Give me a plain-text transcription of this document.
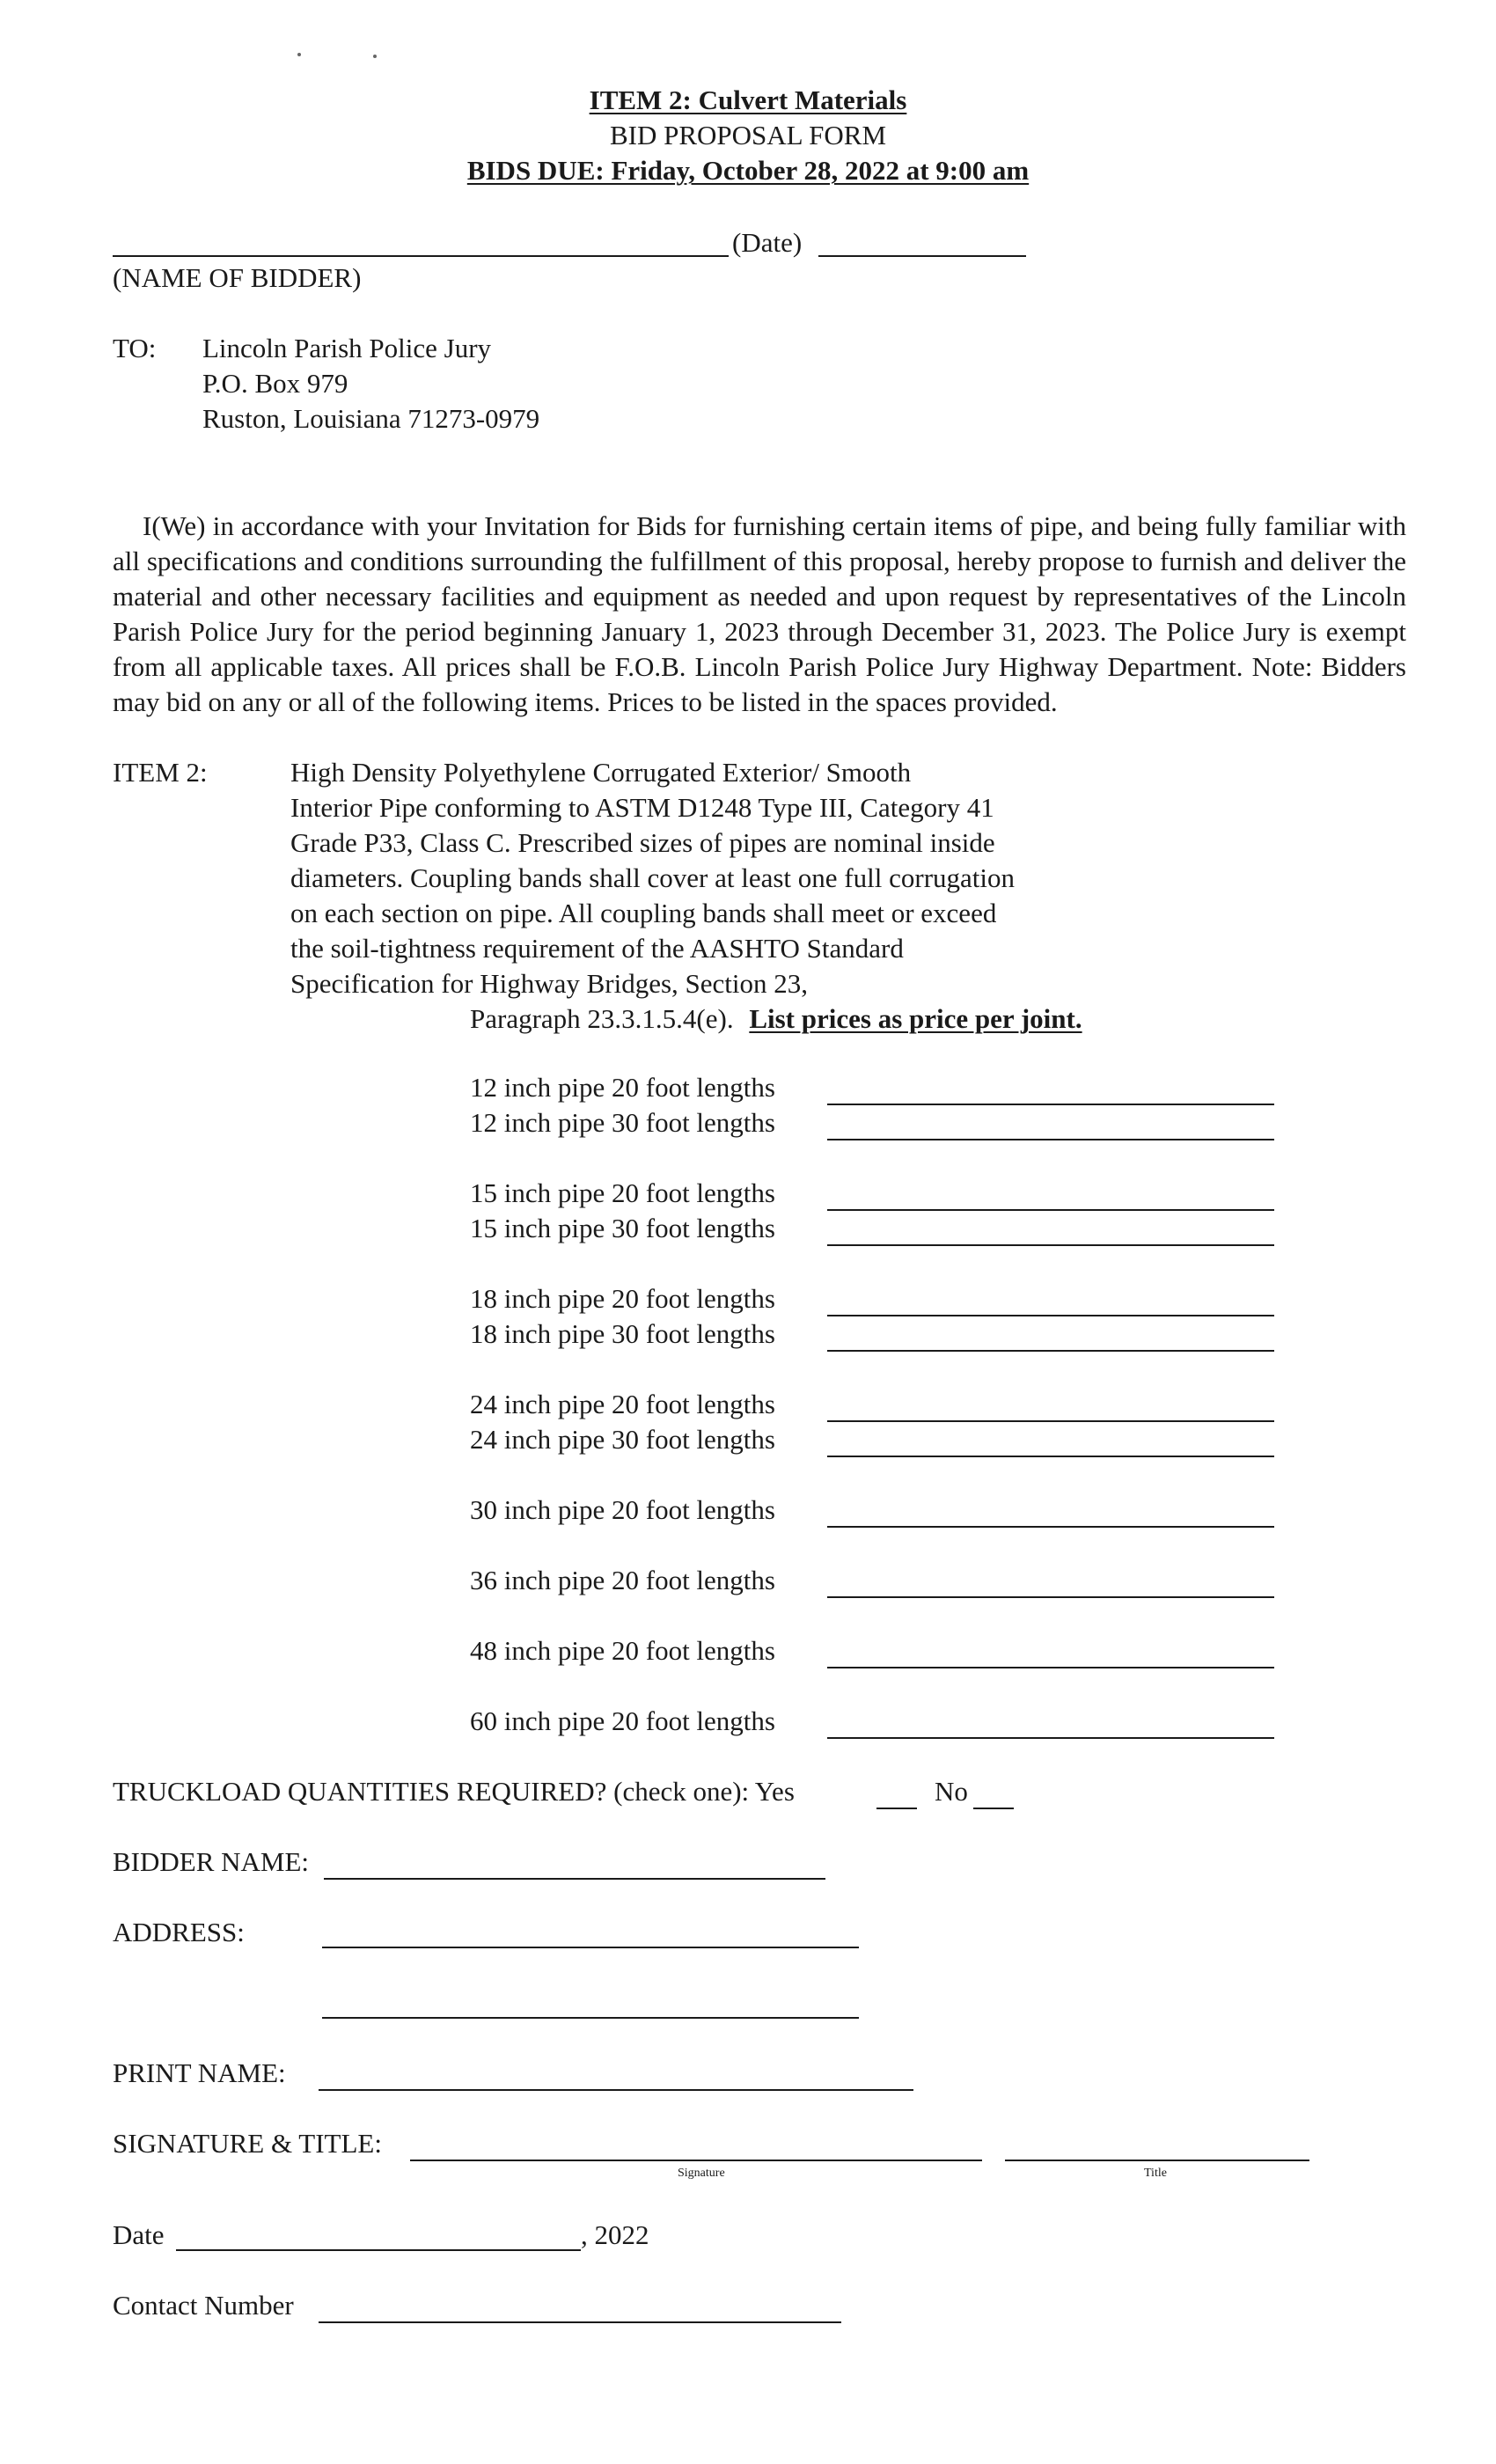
ITEM 2: Culvert Materials
BID PROPOSAL FORM
BIDS DUE: Friday, October 28, 2022 at 9:00 am
(Date)
(NAME OF BIDDER)
TO: Lincoln Parish Police Jury
P.O. Box 979
Ruston, Louisiana 71273-0979
I(We) in accordance with your Invitation for Bids for furnishing certain items of pipe, and being fully familiar with all specifications and conditions surrounding the fulfillment of this proposal, hereby propose to furnish and deliver the material and other necessary facilities and equipment as needed and upon request by representatives of the Lincoln Parish Police Jury for the period beginning January 1, 2023 through December 31, 2023. The Police Jury is exempt from all applicable taxes. All prices shall be F.O.B. Lincoln Parish Police Jury Highway Department. Note: Bidders may bid on any or all of the following items. Prices to be listed in the spaces provided.
ITEM 2:	High Density Polyethylene Corrugated Exterior/ Smooth
Interior Pipe conforming to ASTM D1248 Type III, Category 41
Grade P33, Class C. Prescribed sizes of pipes are nominal inside
diameters. Coupling bands shall cover at least one full corrugation
on each section on pipe. All coupling bands shall meet or exceed
the soil-tightness requirement of the AASHTO Standard
Specification for Highway Bridges, Section 23,
Paragraph 23.3.1.5.4(e). List prices as price per joint.
12 inch pipe 20 foot lengths
12 inch pipe 30 foot lengths
15 inch pipe 20 foot lengths
15 inch pipe 30 foot lengths
18 inch pipe 20 foot lengths
18 inch pipe 30 foot lengths
24 inch pipe 20 foot lengths
24 inch pipe 30 foot lengths
30 inch pipe 20 foot lengths
36 inch pipe 20 foot lengths
48 inch pipe 20 foot lengths
60 inch pipe 20 foot lengths
TRUCKLOAD QUANTITIES REQUIRED? (check one): Yes	No
BIDDER NAME:
ADDRESS:
PRINT NAME:
SIGNATURE & TITLE:
Signature	Title
Date	, 2022
Contact Number
